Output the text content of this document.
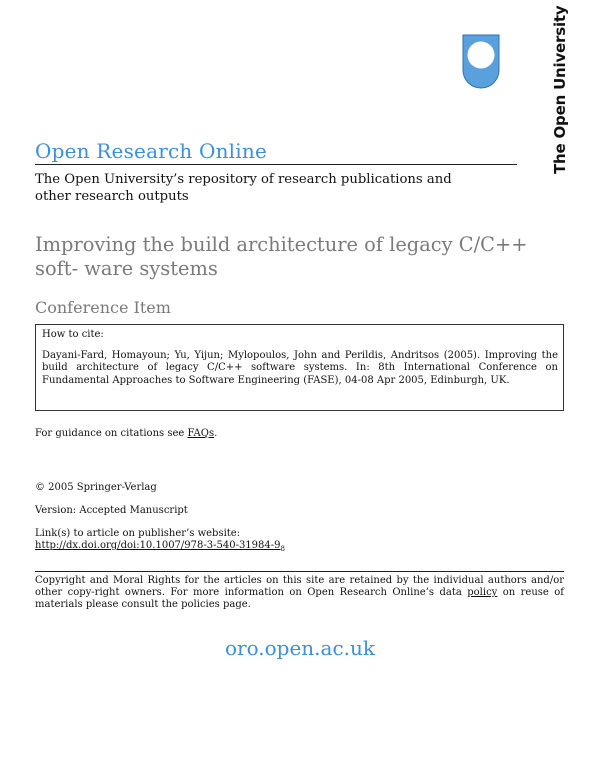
The Open University
Open Research Online
The Open University’s repository of research publications and other research outputs
Improving the build architecture of legacy C/C++ soft- ware systems
Conference Item
How to cite:
Dayani-Fard, Homayoun; Yu, Yijun; Mylopoulos, John and Perildis, Andritsos (2005). Improving the build architecture of legacy C/C++ software systems. In: 8th International Conference on Fundamental Approaches to Software Engineering (FASE), 04-08 Apr 2005, Edinburgh, UK.
For guidance on citations see FAQs.
© 2005 Springer-Verlag
Version: Accepted Manuscript
Link(s) to article on publisher’s website:
$http://dx.doi.org/doi:10.1007/978-3-540-31984-9_8$
Copyright and Moral Rights for the articles on this site are retained by the individual authors and/or other copy-right owners. For more information on Open Research Online’s data policy on reuse of materials please consult the policies page.
oro.open.ac.uk
